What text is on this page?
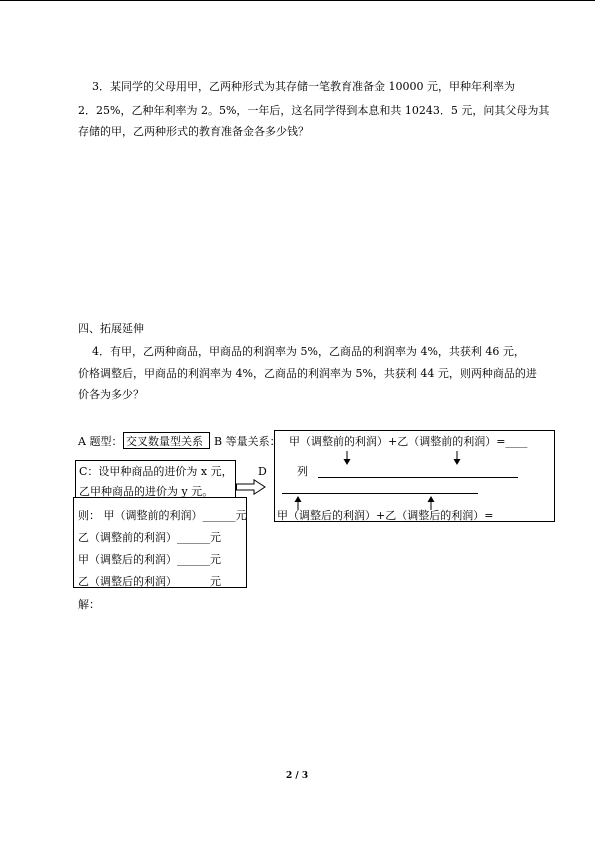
3．某同学的父母用甲，乙两种形式为其存储一笔教育准备金 10000 元，甲种年利率为
2．25%，乙种年利率为 2。5%，一年后，这名同学得到本息和共 10243．5 元，问其父母为其
存储的甲，乙两种形式的教育准备金各多少钱？
四、拓展延伸
4．有甲，乙两种商品，甲商品的利润率为 5%，乙商品的利润率为 4%，共获利 46 元，
价格调整后，甲商品的利润率为 4%，乙商品的利润率为 5%，共获利 44 元，则两种商品的进
价各为多少？
A 题型： 交叉数量型关系 B 等量关系： 甲（调整前的利润）+乙（调整前的利润）=____
列
甲（调整后的利润）+乙（调整后的利润）=______
C：设甲种商品的进价为 x 元，
乙甲种商品的进价为 y 元。
D
则： 甲（调整前的利润）______元
乙（调整前的利润）______元
甲（调整后的利润）______元
乙（调整后的利润）______元
解：
2 / 3
